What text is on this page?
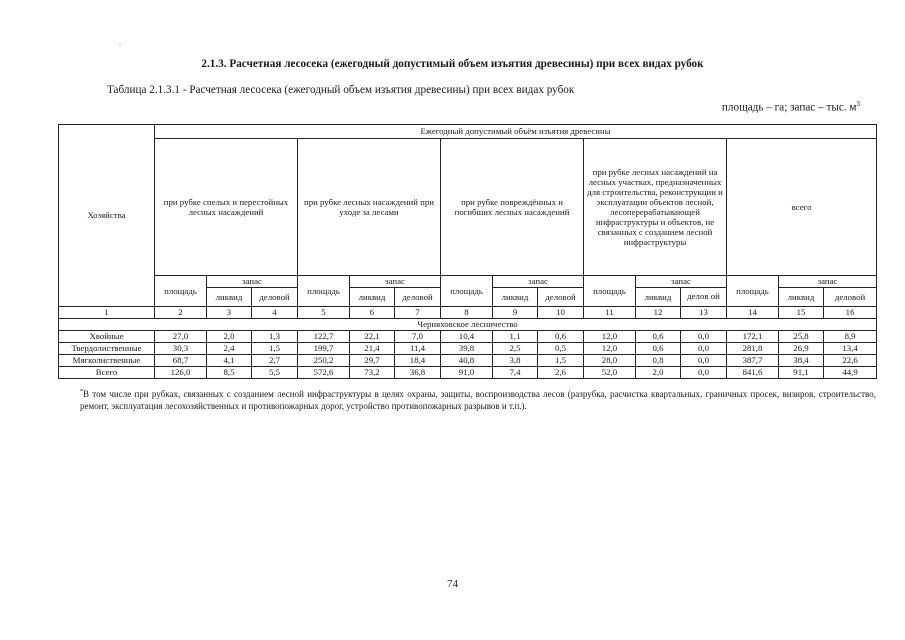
2.1.3. Расчетная лесосека (ежегодный допустимый объем изъятия древесины) при всех видах рубок
Таблица 2.1.3.1 - Расчетная лесосека (ежегодный объем изъятия древесины) при всех видах рубок
площадь – га; запас – тыс. $м^3$
Хозяйства	Ежегодный допустимый объём изъятия древесины														
	при рубке спелых и перестойных лесных насаждений			при рубке лесных насаждений при уходе за лесами			при рубке повреждённых и погибших лесных насаждений			при рубке лесных насаждений на лесных участках, предназначенных для строительства, реконструкции и эксплуатации объектов лесной, лесоперерабатывающей инфраструктуры и объектов, не связанных с созданием лесной инфраструктуры			всего		
	площадь	запас		площадь	запас		площадь	запас		площадь	запас		площадь	запас	
		ликвид	деловой		ликвид	деловой		ликвид	деловой		ликвид	делов ой		ликвид	деловой
1	2	3	4	5	6	7	8	9	10	11	12	13	14	15	16
Черняховское лесничество															
Хвойные	27,0	2,0	1,3	122,7	22,1	7,0	10,4	1,1	0,6	12,0	0,6	0,0	172,1	25,8	8,9
Твердолиственные	30,3	2,4	1,5	199,7	21,4	11,4	39,8	2,5	0,5	12,0	0,6	0,0	281,8	26,9	13,4
Мягколиственные	68,7	4,1	2,7	250,2	29,7	18,4	40,8	3,8	1,5	28,0	0,8	0,0	387,7	38,4	22,6
Всего	126,0	8,5	5,5	572,6	73,2	36,8	91,0	7,4	2,6	52,0	2,0	0,0	841,6	91,1	44,9
*В том числе при рубках, связанных с созданием лесной инфраструктуры в целях охраны, защиты, воспроизводства лесов (разрубка, расчистка квартальных, граничных просек, визиров, строительство, ремонт, эксплуатация лесохозяйственных и противопожарных дорог, устройство противопожарных разрывов и т.п.).
74
